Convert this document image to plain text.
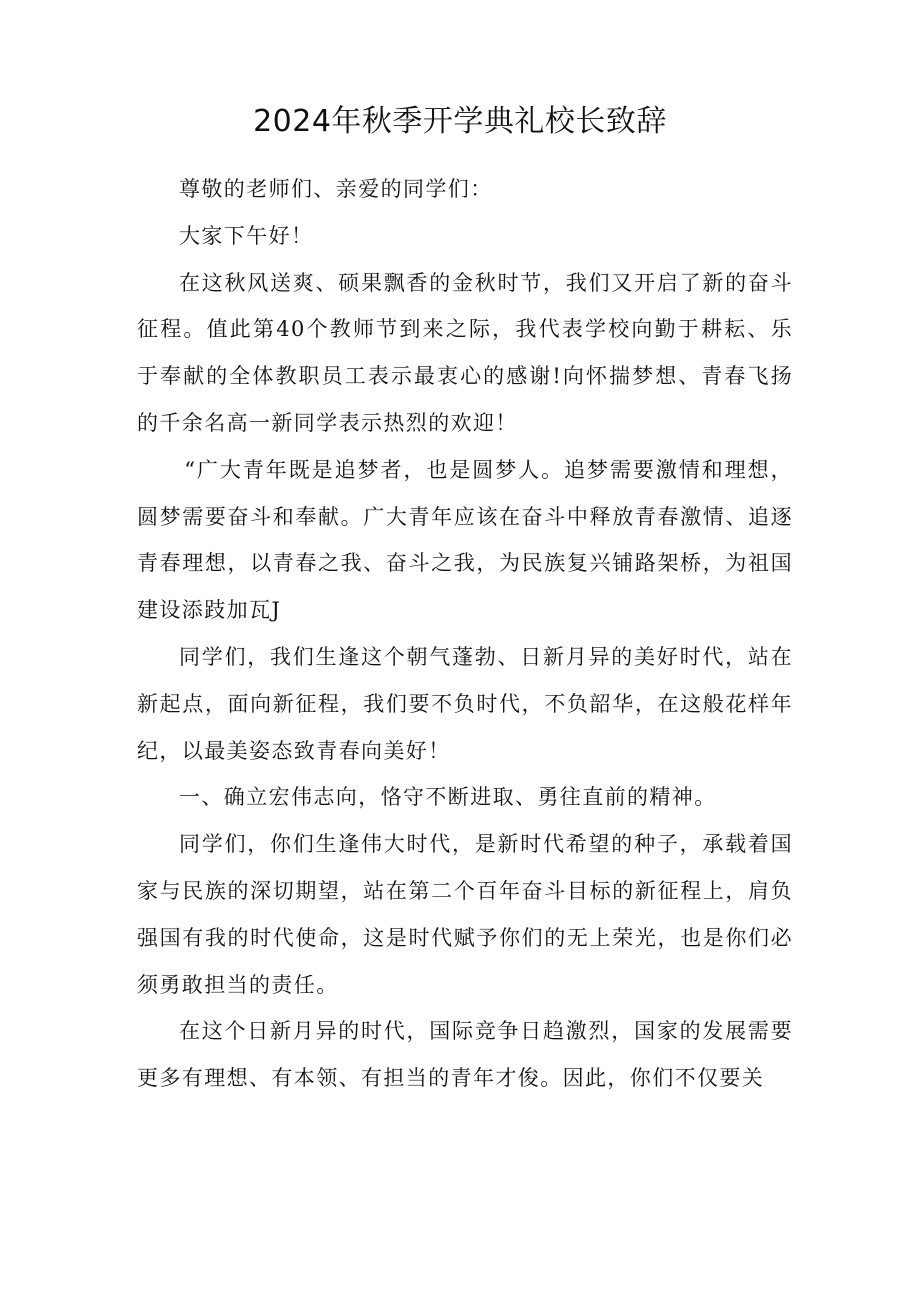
2024年秋季开学典礼校长致辞

尊敬的老师们、亲爱的同学们：

大家下午好！

在这秋风送爽、硕果飘香的金秋时节，我们又开启了新的奋斗征程。值此第40个教师节到来之际，我代表学校向勤于耕耘、乐于奉献的全体教职员工表示最衷心的感谢!向怀揣梦想、青春飞扬的千余名高一新同学表示热烈的欢迎！

“广大青年既是追梦者，也是圆梦人。追梦需要激情和理想，圆梦需要奋斗和奉献。广大青年应该在奋斗中释放青春激情、追逐青春理想，以青春之我、奋斗之我，为民族复兴铺路架桥，为祖国建设添跂加瓦J

同学们，我们生逢这个朝气蓬勃、日新月异的美好时代，站在新起点，面向新征程，我们要不负时代，不负韶华，在这般花样年纪，以最美姿态致青春向美好！

一、确立宏伟志向，恪守不断进取、勇往直前的精神。

同学们，你们生逢伟大时代，是新时代希望的种子，承载着国家与民族的深切期望，站在第二个百年奋斗目标的新征程上，肩负强国有我的时代使命，这是时代赋予你们的无上荣光，也是你们必须勇敢担当的责任。

在这个日新月异的时代，国际竞争日趋激烈，国家的发展需要更多有理想、有本领、有担当的青年才俊。因此，你们不仅要关
